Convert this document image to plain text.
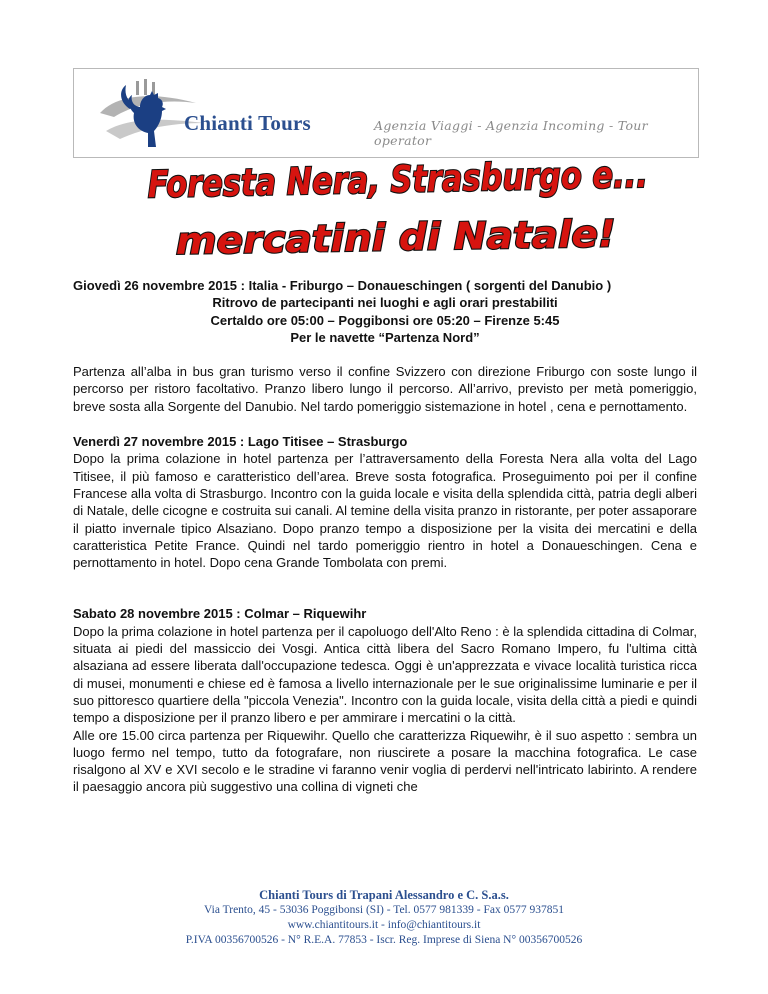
Chianti Tours	Agenzia Viaggi - Agenzia Incoming - Tour operator
Foresta Nera, Strasburgo e...
mercatini di Natale!

Giovedì 26 novembre 2015 : Italia - Friburgo – Donaueschingen ( sorgenti del Danubio )

Ritrovo de partecipanti nei luoghi e agli orari prestabiliti

Certaldo ore 05:00 – Poggibonsi ore 05:20 – Firenze 5:45

Per le navette “Partenza Nord”

Partenza all’alba in bus gran turismo verso il confine Svizzero con direzione Friburgo con soste lungo il percorso per ristoro facoltativo. Pranzo libero lungo il percorso. All’arrivo, previsto per metà pomeriggio, breve sosta alla Sorgente del Danubio. Nel tardo pomeriggio sistemazione in hotel , cena e pernottamento.

Venerdì 27 novembre 2015 : Lago Titisee – Strasburgo

Dopo la prima colazione in hotel partenza per l’attraversamento della Foresta Nera alla volta del Lago Titisee, il più famoso e caratteristico dell’area. Breve sosta fotografica. Proseguimento poi per il confine Francese alla volta di Strasburgo. Incontro con la guida locale e visita della splendida città, patria degli alberi di Natale, delle cicogne e costruita sui canali. Al temine della visita pranzo in ristorante, per poter assaporare il piatto invernale tipico Alsaziano. Dopo pranzo tempo a disposizione per la visita dei mercatini e della caratteristica Petite France. Quindi nel tardo pomeriggio rientro in hotel a Donaueschingen. Cena e pernottamento in hotel. Dopo cena Grande Tombolata con premi.

Sabato 28 novembre 2015 : Colmar – Riquewihr

Dopo la prima colazione in hotel partenza per il capoluogo dell'Alto Reno : è la splendida cittadina di Colmar, situata ai piedi del massiccio dei Vosgi. Antica città libera del Sacro Romano Impero, fu l'ultima città alsaziana ad essere liberata dall'occupazione tedesca. Oggi è un'apprezzata e vivace località turistica ricca di musei, monumenti e chiese ed è famosa a livello internazionale per le sue originalissime luminarie e per il suo pittoresco quartiere della "piccola Venezia". Incontro con la guida locale, visita della città a piedi e quindi tempo a disposizione per il pranzo libero e per ammirare i mercatini o la città.

Alle ore 15.00 circa partenza per Riquewihr. Quello che caratterizza Riquewihr, è il suo aspetto : sembra un luogo fermo nel tempo, tutto da fotografare, non riuscirete a posare la macchina fotografica. Le case risalgono al XV e XVI secolo e le stradine vi faranno venir voglia di perdervi nell'intricato labirinto. A rendere il paesaggio ancora più suggestivo una collina di vigneti che

Chianti Tours di Trapani Alessandro e C. S.a.s.
Via Trento, 45 - 53036 Poggibonsi (SI) - Tel. 0577 981339 - Fax 0577 937851
www.chiantitours.it - info@chiantitours.it
P.IVA 00356700526 - N° R.E.A. 77853 - Iscr. Reg. Imprese di Siena N° 00356700526
